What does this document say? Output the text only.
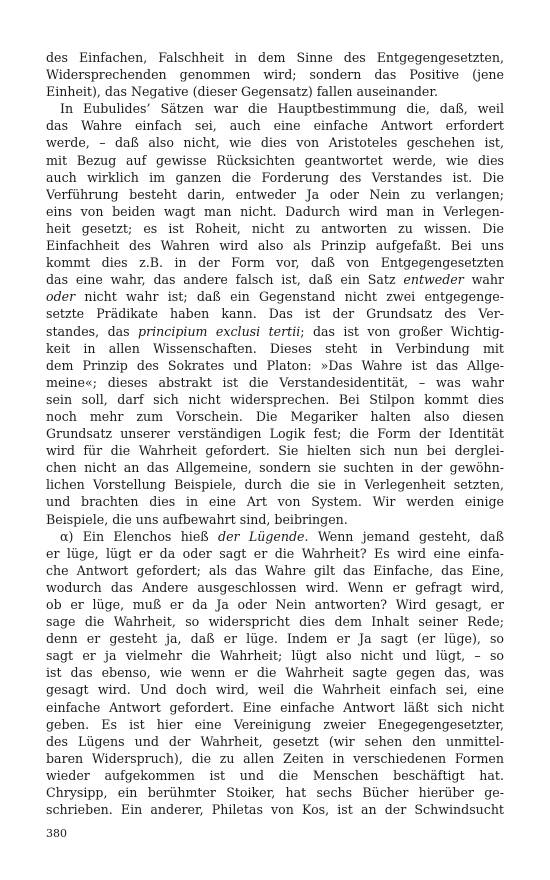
des Einfachen, Falschheit in dem Sinne des Entgegengesetzten,
Widersprechenden genommen wird; sondern das Positive (jene
Einheit), das Negative (dieser Gegensatz) fallen auseinander.
In Eubulides’ Sätzen war die Hauptbestimmung die, daß, weil
das Wahre einfach sei, auch eine einfache Antwort erfordert
werde, – daß also nicht, wie dies von Aristoteles geschehen ist,
mit Bezug auf gewisse Rücksichten geantwortet werde, wie dies
auch wirklich im ganzen die Forderung des Verstandes ist. Die
Verführung besteht darin, entweder Ja oder Nein zu verlangen;
eins von beiden wagt man nicht. Dadurch wird man in Verlegen-
heit gesetzt; es ist Roheit, nicht zu antworten zu wissen. Die
Einfachheit des Wahren wird also als Prinzip aufgefaßt. Bei uns
kommt dies z.B. in der Form vor, daß von Entgegengesetzten
das eine wahr, das andere falsch ist, daß ein Satz entweder wahr
oder nicht wahr ist; daß ein Gegenstand nicht zwei entgegenge-
setzte Prädikate haben kann. Das ist der Grundsatz des Ver-
standes, das principium exclusi tertii; das ist von großer Wichtig-
keit in allen Wissenschaften. Dieses steht in Verbindung mit
dem Prinzip des Sokrates und Platon: »Das Wahre ist das Allge-
meine«; dieses abstrakt ist die Verstandesidentität, – was wahr
sein soll, darf sich nicht widersprechen. Bei Stilpon kommt dies
noch mehr zum Vorschein. Die Megariker halten also diesen
Grundsatz unserer verständigen Logik fest; die Form der Identität
wird für die Wahrheit gefordert. Sie hielten sich nun bei derglei-
chen nicht an das Allgemeine, sondern sie suchten in der gewöhn-
lichen Vorstellung Beispiele, durch die sie in Verlegenheit setzten,
und brachten dies in eine Art von System. Wir werden einige
Beispiele, die uns aufbewahrt sind, beibringen.
α) Ein Elenchos hieß der Lügende. Wenn jemand gesteht, daß
er lüge, lügt er da oder sagt er die Wahrheit? Es wird eine einfa-
che Antwort gefordert; als das Wahre gilt das Einfache, das Eine,
wodurch das Andere ausgeschlossen wird. Wenn er gefragt wird,
ob er lüge, muß er da Ja oder Nein antworten? Wird gesagt, er
sage die Wahrheit, so widerspricht dies dem Inhalt seiner Rede;
denn er gesteht ja, daß er lüge. Indem er Ja sagt (er lüge), so
sagt er ja vielmehr die Wahrheit; lügt also nicht und lügt, – so
ist das ebenso, wie wenn er die Wahrheit sagte gegen das, was
gesagt wird. Und doch wird, weil die Wahrheit einfach sei, eine
einfache Antwort gefordert. Eine einfache Antwort läßt sich nicht
geben. Es ist hier eine Vereinigung zweier Enegegengesetzter,
des Lügens und der Wahrheit, gesetzt (wir sehen den unmittel-
baren Widerspruch), die zu allen Zeiten in verschiedenen Formen
wieder aufgekommen ist und die Menschen beschäftigt hat.
Chrysipp, ein berühmter Stoiker, hat sechs Bücher hierüber ge-
schrieben. Ein anderer, Philetas von Kos, ist an der Schwindsucht
380
